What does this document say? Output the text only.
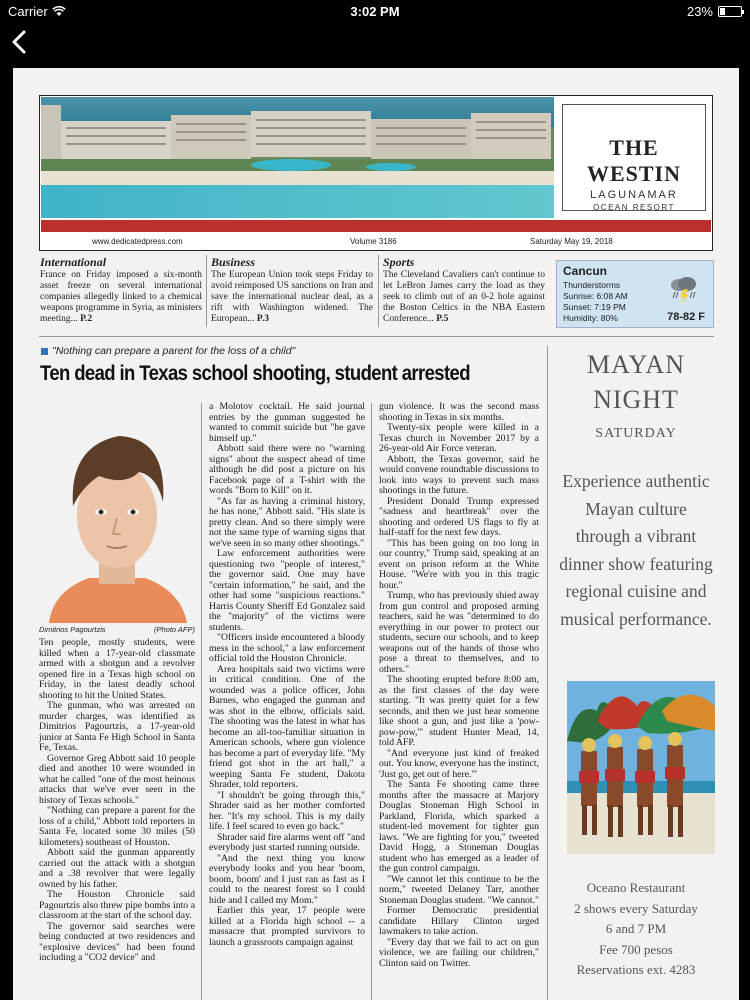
Carrier	3:02 PM	23%
THE WESTIN
LAGUNAMAR
OCEAN RESORT
www.dedicatedpress.com	Volume 3186	Saturday May 19, 2018
International
France on Friday imposed a six-month asset freeze on several international companies allegedly linked to a chemical weapons programme in Syria, as ministers meeting... P.2
Business
The European Union took steps Friday to avoid reimposed US sanctions on Iran and save the international nuclear deal, as a rift with Washington widened. The European... P.3
Sports
The Cleveland Cavaliers can't continue to let LeBron James carry the load as they seek to climb out of an 0-2 hole against the Boston Celtics in the NBA Eastern Conference... P.5
Cancun
Thunderstorms
Sunrise: 6:08 AM
Sunset: 7:19 PM
Humidity: 80%	78-82 F
"Nothing can prepare a parent for the loss of a child"
Ten dead in Texas school shooting, student arrested
Dimitrios Pagourtzis	(Photo AFP)

Ten people, mostly students, were killed when a 17-year-old classmate armed with a shotgun and a revolver opened fire in a Texas high school on Friday, in the latest deadly school shooting to hit the United States.

The gunman, who was arrested on murder charges, was identified as Dimitrios Pagourtzis, a 17-year-old junior at Santa Fe High School in Santa Fe, Texas.

Governor Greg Abbott said 10 people died and another 10 were wounded in what he called "one of the most heinous attacks that we've ever seen in the history of Texas schools."

"Nothing can prepare a parent for the loss of a child," Abbott told reporters in Santa Fe, located some 30 miles (50 kilometers) southeast of Houston.

Abbott said the gunman apparently carried out the attack with a shotgun and a .38 revolver that were legally owned by his father.

The Houston Chronicle said Pagourtzis also threw pipe bombs into a classroom at the start of the school day.

The governor said searches were being conducted at two residences and "explosive devices" had been found including a "CO2 device" and

a Molotov cocktail. He said journal entries by the gunman suggested he wanted to commit suicide but "he gave himself up."

Abbott said there were no "warning signs" about the suspect ahead of time although he did post a picture on his Facebook page of a T-shirt with the words "Born to Kill" on it.

"As far as having a criminal history, he has none," Abbott said. "His slate is pretty clean. And so there simply were not the same type of warning signs that we've seen in so many other shootings."

Law enforcement authorities were questioning two "people of interest," the governor said. One may have "certain information," he said, and the other had some "suspicious reactions." Harris County Sheriff Ed Gonzalez said the "majority" of the victims were students.

"Officers inside encountered a bloody mess in the school," a law enforcement official told the Houston Chronicle.

Area hospitals said two victims were in critical condition. One of the wounded was a police officer, John Barnes, who engaged the gunman and was shot in the elbow, officials said. The shooting was the latest in what has become an all-too-familiar situation in American schools, where gun violence has become a part of everyday life. "My friend got shot in the art hall," a weeping Santa Fe student, Dakota Shrader, told reporters.

"I shouldn't be going through this," Shrader said as her mother comforted her. "It's my school. This is my daily life. I feel scared to even go back."

Shrader said fire alarms went off "and everybody just started running outside.

"And the next thing you know everybody looks and you hear 'boom, boom, boom' and I just ran as fast as I could to the nearest forest so I could hide and I called my Mom."

Earlier this year, 17 people were killed at a Florida high school -- a massacre that prompted survivors to launch a grassroots campaign against

gun violence. It was the second mass shooting in Texas in six months.

Twenty-six people were killed in a Texas church in November 2017 by a 26-year-old Air Force veteran.

Abbott, the Texas governor, said he would convene roundtable discussions to look into ways to prevent such mass shootings in the future.

President Donald Trump expressed "sadness and heartbreak" over the shooting and ordered US flags to fly at half-staff for the next few days.

"This has been going on too long in our country," Trump said, speaking at an event on prison reform at the White House. "We're with you in this tragic hour."

Trump, who has previously shied away from gun control and proposed arming teachers, said he was "determined to do everything in our power to protect our students, secure our schools, and to keep weapons out of the hands of those who pose a threat to themselves, and to others."

The shooting erupted before 8:00 am, as the first classes of the day were starting. "It was pretty quiet for a few seconds, and then we just hear someone like shoot a gun, and just like a 'pow-pow-pow,'" student Hunter Mead, 14, told AFP.

"And everyone just kind of freaked out. You know, everyone has the instinct, 'Just go, get out of here.'"

The Santa Fe shooting came three months after the massacre at Marjory Douglas Stoneman High School in Parkland, Florida, which sparked a student-led movement for tighter gun laws. "We are fighting for you," tweeted David Hogg, a Stoneman Douglas student who has emerged as a leader of the gun control campaign.

"We cannot let this continue to be the norm," tweeted Delaney Tarr, another Stoneman Douglas student. "We cannot."

Former Democratic presidential candidate Hillary Clinton urged lawmakers to take action.

"Every day that we fail to act on gun violence, we are failing our children," Clinton said on Twitter.

MAYAN
NIGHT
SATURDAY
Experience authentic Mayan culture through a vibrant dinner show featuring regional cuisine and musical performance.
Oceano Restaurant
2 shows every Saturday
6 and 7 PM
Fee 700 pesos
Reservations ext. 4283
